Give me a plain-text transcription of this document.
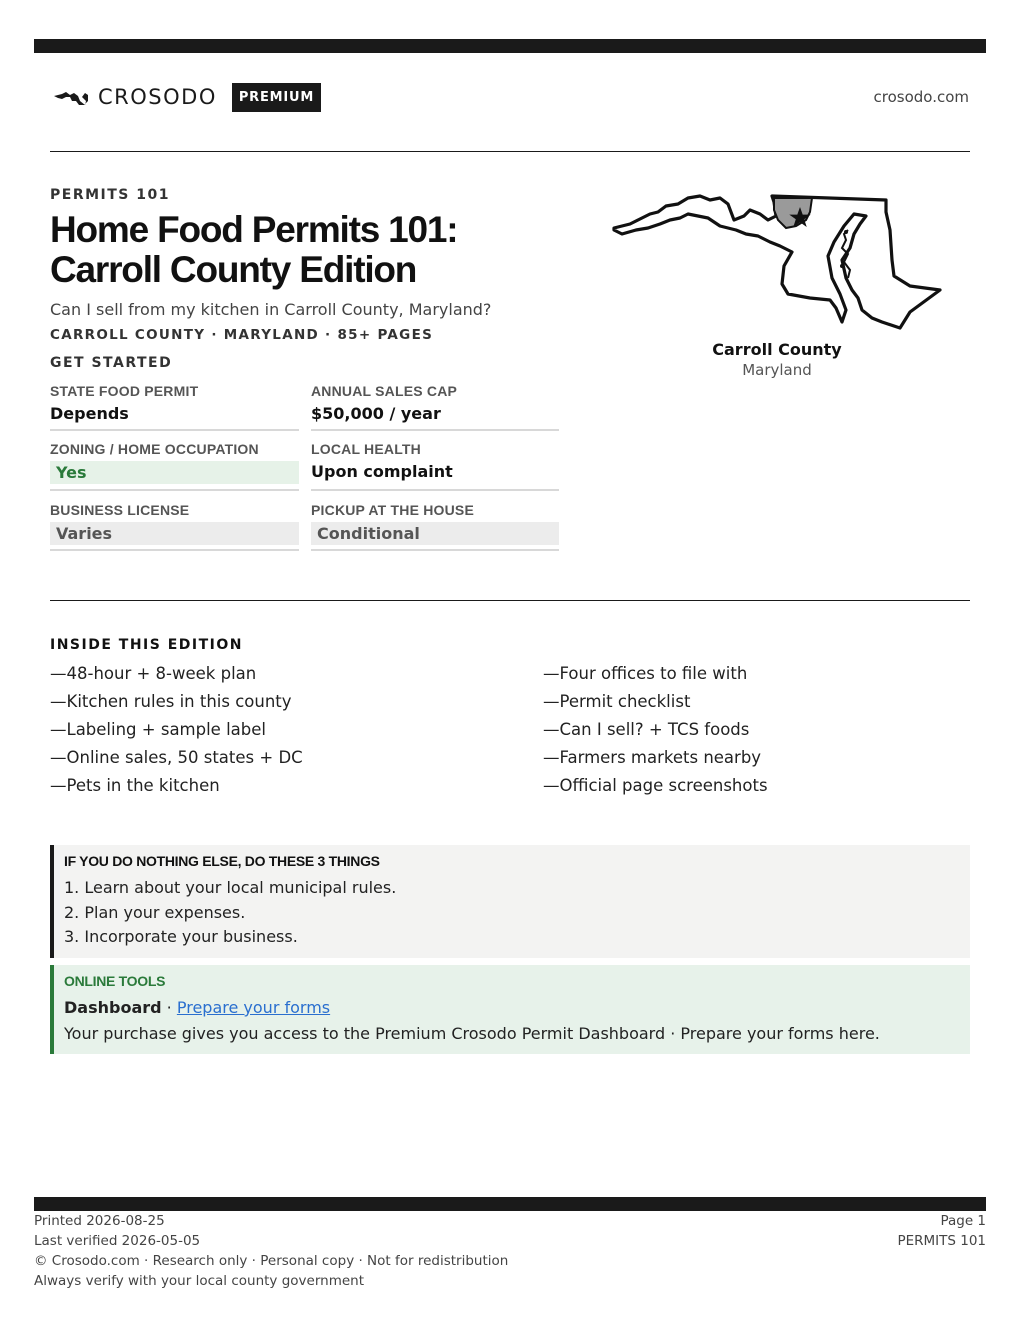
CROSODO	PREMIUM	crosodo.com
PERMITS 101
Home Food Permits 101: Carroll County Edition
Can I sell from my kitchen in Carroll County, Maryland?
CARROLL COUNTY · MARYLAND · 85+ PAGES
GET STARTED
STATE FOOD PERMIT
Depends
ANNUAL SALES CAP
$50,000 / year
ZONING / HOME OCCUPATION
Yes
LOCAL HEALTH
Upon complaint
BUSINESS LICENSE
Varies
PICKUP AT THE HOUSE
Conditional
Carroll County
Maryland
INSIDE THIS EDITION
—48-hour + 8-week plan
—Kitchen rules in this county
—Labeling + sample label
—Online sales, 50 states + DC
—Pets in the kitchen
—Four offices to file with
—Permit checklist
—Can I sell? + TCS foods
—Farmers markets nearby
—Official page screenshots
IF YOU DO NOTHING ELSE, DO THESE 3 THINGS
1. Learn about your local municipal rules.
2. Plan your expenses.
3. Incorporate your business.
ONLINE TOOLS
Dashboard · Prepare your forms
Your purchase gives you access to the Premium Crosodo Permit Dashboard · Prepare your forms here.
Printed 2026-08-25
Last verified 2026-05-05
© Crosodo.com · Research only · Personal copy · Not for redistribution
Always verify with your local county government
Page 1
PERMITS 101
